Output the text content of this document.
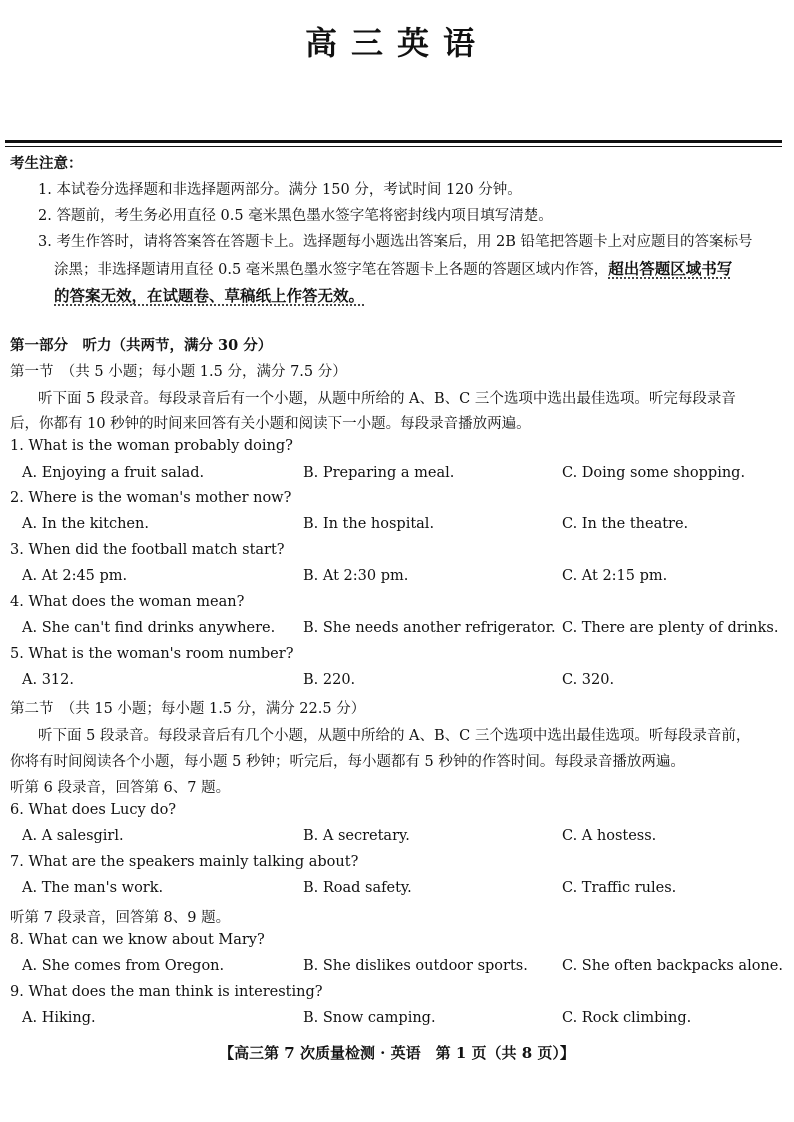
高三英语
考生注意：
1. 本试卷分选择题和非选择题两部分。满分 150 分，考试时间 120 分钟。
2. 答题前，考生务必用直径 0.5 毫米黑色墨水签字笔将密封线内项目填写清楚。
3. 考生作答时，请将答案答在答题卡上。选择题每小题选出答案后，用 2B 铅笔把答题卡上对应题目的答案标号
涂黑；非选择题请用直径 0.5 毫米黑色墨水签字笔在答题卡上各题的答题区域内作答，超出答题区域书写
的答案无效，在试题卷、草稿纸上作答无效。
第一部分　听力（共两节，满分 30 分）
第一节　（共 5 小题；每小题 1.5 分，满分 7.5 分）
听下面 5 段录音。每段录音后有一个小题，从题中所给的 A、B、C 三个选项中选出最佳选项。听完每段录音
后，你都有 10 秒钟的时间来回答有关小题和阅读下一小题。每段录音播放两遍。
1. What is the woman probably doing?
A. Enjoying a fruit salad.	B. Preparing a meal.	C. Doing some shopping.
2. Where is the woman's mother now?
A. In the kitchen.	B. In the hospital.	C. In the theatre.
3. When did the football match start?
A. At 2:45 pm.	B. At 2:30 pm.	C. At 2:15 pm.
4. What does the woman mean?
A. She can't find drinks anywhere. B. She needs another refrigerator. C. There are plenty of drinks.
5. What is the woman's room number?
A. 312.	B. 220.	C. 320.
第二节　（共 15 小题；每小题 1.5 分，满分 22.5 分）
听下面 5 段录音。每段录音后有几个小题，从题中所给的 A、B、C 三个选项中选出最佳选项。听每段录音前，
你将有时间阅读各个小题，每小题 5 秒钟；听完后，每小题都有 5 秒钟的作答时间。每段录音播放两遍。
听第 6 段录音，回答第 6、7 题。
6. What does Lucy do?
A. A salesgirl.	B. A secretary.	C. A hostess.
7. What are the speakers mainly talking about?
A. The man's work.	B. Road safety.	C. Traffic rules.
听第 7 段录音，回答第 8、9 题。
8. What can we know about Mary?
A. She comes from Oregon.	B. She dislikes outdoor sports. C. She often backpacks alone.
9. What does the man think is interesting?
A. Hiking.	B. Snow camping.	C. Rock climbing.
【高三第 7 次质量检测 · 英语　第 1 页（共 8 页）】
